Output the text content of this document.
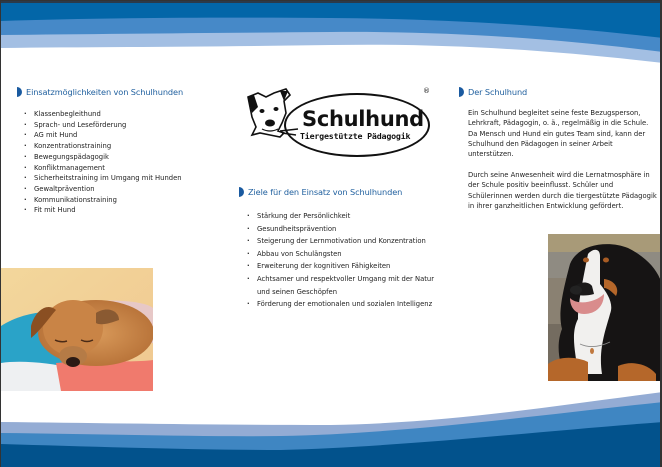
Einsatzmöglichkeiten von Schulhunden
· Klassenbegleithund
· Sprach- und Leseförderung
· AG mit Hund
· Konzentrationstraining
· Bewegungspädagogik
· Konfliktmanagement
· Sicherheitstraining im Umgang mit Hunden
· Gewaltprävention
· Kommunikationstraining
· Fit mit Hund
Schulhund
Tiergestützte Pädagogik
®
Ziele für den Einsatz von Schulhunden
· Stärkung der Persönlichkeit
· Gesundheitsprävention
· Steigerung der Lernmotivation und Konzentration
· Abbau von Schulängsten
· Erweiterung der kognitiven Fähigkeiten
· Achtsamer und respektvoller Umgang mit der Natur und seinen Geschöpfen
· Förderung der emotionalen und sozialen Intelligenz
Der Schulhund

Ein Schulhund begleitet seine feste Bezugsperson, Lehrkraft, Pädagogin, o. ä., regelmäßig in die Schule. Da Mensch und Hund ein gutes Team sind, kann der Schulhund den Pädagogen in seiner Arbeit unterstützen.

Durch seine Anwesenheit wird die Lernatmosphäre in der Schule positiv beeinflusst. Schüler und Schülerinnen werden durch die tiergestützte Pädagogik in ihrer ganzheitlichen Entwicklung gefördert.
